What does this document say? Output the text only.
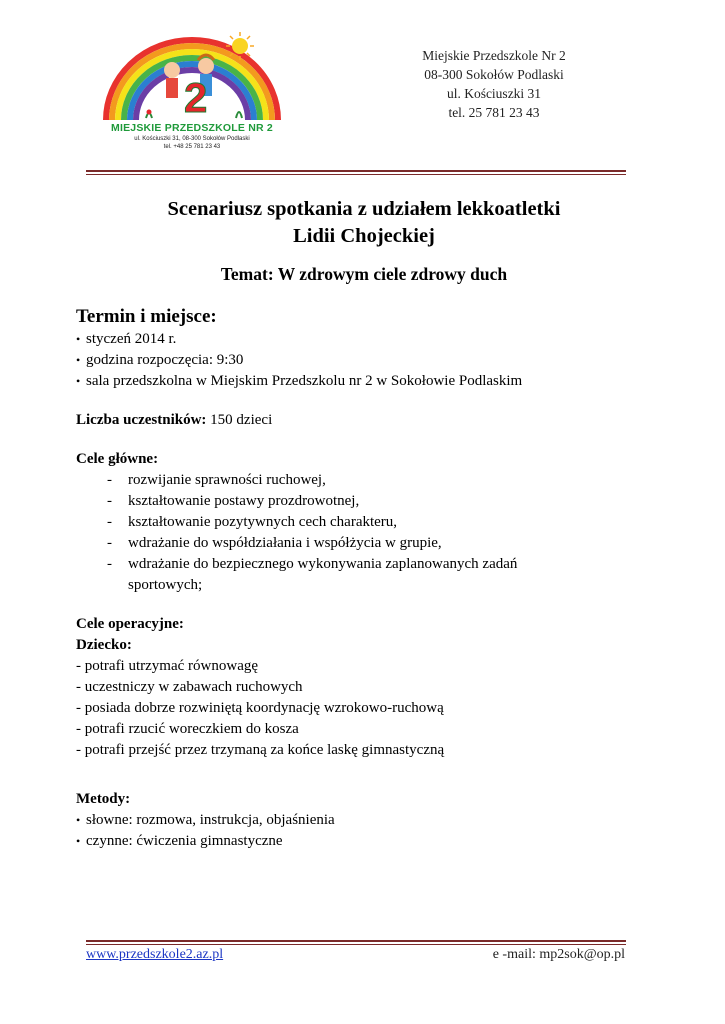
2
MIEJSKIE PRZEDSZKOLE NR 2
ul. Kościuszki 31, 08-300 Sokołów Podlaski
tel. +48 25 781 23 43
Miejskie Przedszkole Nr 2
08-300 Sokołów Podlaski
ul. Kościuszki 31
tel. 25 781 23 43
Scenariusz spotkania z udziałem lekkoatletki
Lidii Chojeckiej
Temat: W zdrowym ciele zdrowy duch
Termin i miejsce:
• styczeń 2014 r.
• godzina rozpoczęcia: 9:30
• sala przedszkolna w Miejskim Przedszkolu nr 2 w Sokołowie Podlaskim
Liczba uczestników: 150 dzieci
Cele główne:
- rozwijanie sprawności ruchowej,
- kształtowanie postawy prozdrowotnej,
- kształtowanie pozytywnych cech charakteru,
- wdrażanie do współdziałania i współżycia w grupie,
- wdrażanie do bezpiecznego wykonywania zaplanowanych zadań sportowych;
Cele operacyjne:
Dziecko:
- potrafi utrzymać równowagę
- uczestniczy w zabawach ruchowych
- posiada dobrze rozwiniętą koordynację wzrokowo-ruchową
- potrafi rzucić woreczkiem do kosza
- potrafi przejść przez trzymaną za końce laskę gimnastyczną
Metody:
• słowne: rozmowa, instrukcja, objaśnienia
• czynne: ćwiczenia gimnastyczne
www.przedszkole2.az.pl	e -mail: mp2sok@op.pl
